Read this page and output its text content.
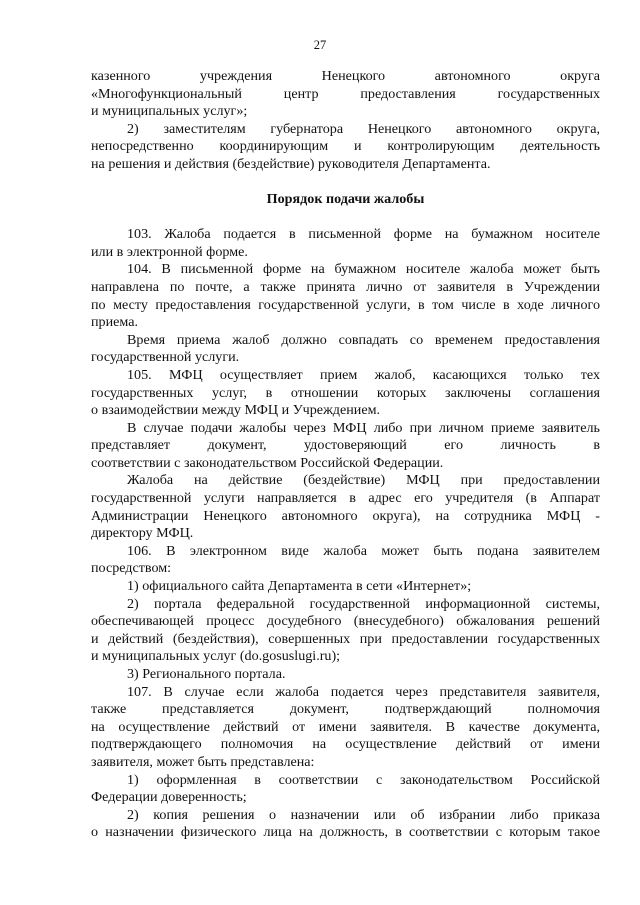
27
казенного учреждения Ненецкого автономного округа
«Многофункциональный центр предоставления государственных
и муниципальных услуг»;
2) заместителям губернатора Ненецкого автономного округа,
непосредственно координирующим и контролирующим деятельность
на решения и действия (бездействие) руководителя Департамента.
Порядок подачи жалобы
103. Жалоба подается в письменной форме на бумажном носителе
или в электронной форме.
104. В письменной форме на бумажном носителе жалоба может быть
направлена по почте, а также принята лично от заявителя в Учреждении
по месту предоставления государственной услуги, в том числе в ходе личного
приема.
Время приема жалоб должно совпадать со временем предоставления
государственной услуги.
105. МФЦ осуществляет прием жалоб, касающихся только тех
государственных услуг, в отношении которых заключены соглашения
о взаимодействии между МФЦ и Учреждением.
В случае подачи жалобы через МФЦ либо при личном приеме заявитель
представляет документ, удостоверяющий его личность в
соответствии с законодательством Российской Федерации.
Жалоба на действие (бездействие) МФЦ при предоставлении
государственной услуги направляется в адрес его учредителя (в Аппарат
Администрации Ненецкого автономного округа), на сотрудника МФЦ -
директору МФЦ.
106. В электронном виде жалоба может быть подана заявителем
посредством:
1) официального сайта Департамента в сети «Интернет»;
2) портала федеральной государственной информационной системы,
обеспечивающей процесс досудебного (внесудебного) обжалования решений
и действий (бездействия), совершенных при предоставлении государственных
и муниципальных услуг (do.gosuslugi.ru);
3) Регионального портала.
107. В случае если жалоба подается через представителя заявителя,
также представляется документ, подтверждающий полномочия
на осуществление действий от имени заявителя. В качестве документа,
подтверждающего полномочия на осуществление действий от имени
заявителя, может быть представлена:
1) оформленная в соответствии с законодательством Российской
Федерации доверенность;
2) копия решения о назначении или об избрании либо приказа
о назначении физического лица на должность, в соответствии с которым такое
